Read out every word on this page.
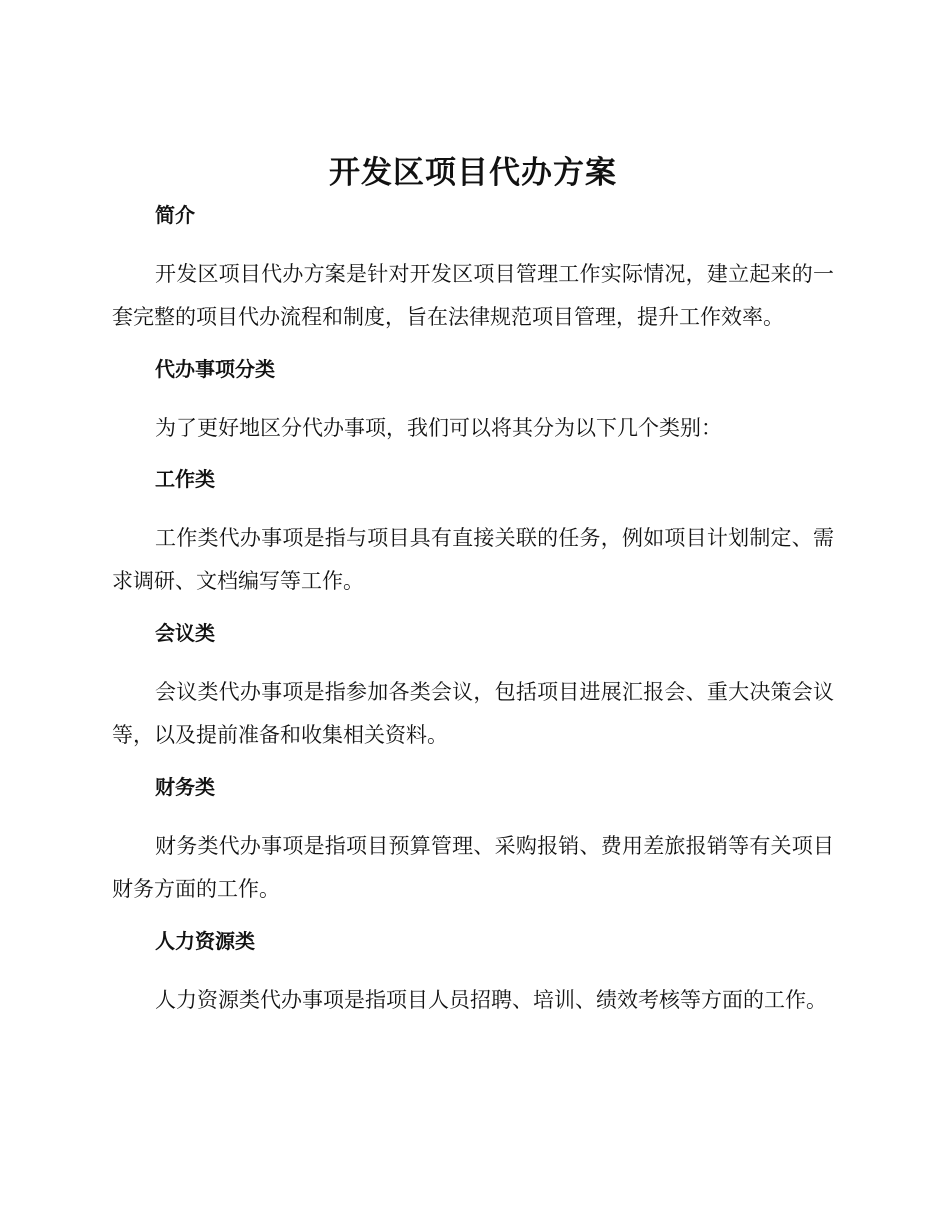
开发区项目代办方案
简介

开发区项目代办方案是针对开发区项目管理工作实际情况，建立起来的一套完整的项目代办流程和制度，旨在法律规范项目管理，提升工作效率。

代办事项分类

为了更好地区分代办事项，我们可以将其分为以下几个类别：

工作类

工作类代办事项是指与项目具有直接关联的任务，例如项目计划制定、需求调研、文档编写等工作。

会议类

会议类代办事项是指参加各类会议，包括项目进展汇报会、重大决策会议等，以及提前准备和收集相关资料。

财务类

财务类代办事项是指项目预算管理、采购报销、费用差旅报销等有关项目财务方面的工作。

人力资源类

人力资源类代办事项是指项目人员招聘、培训、绩效考核等方面的工作。
